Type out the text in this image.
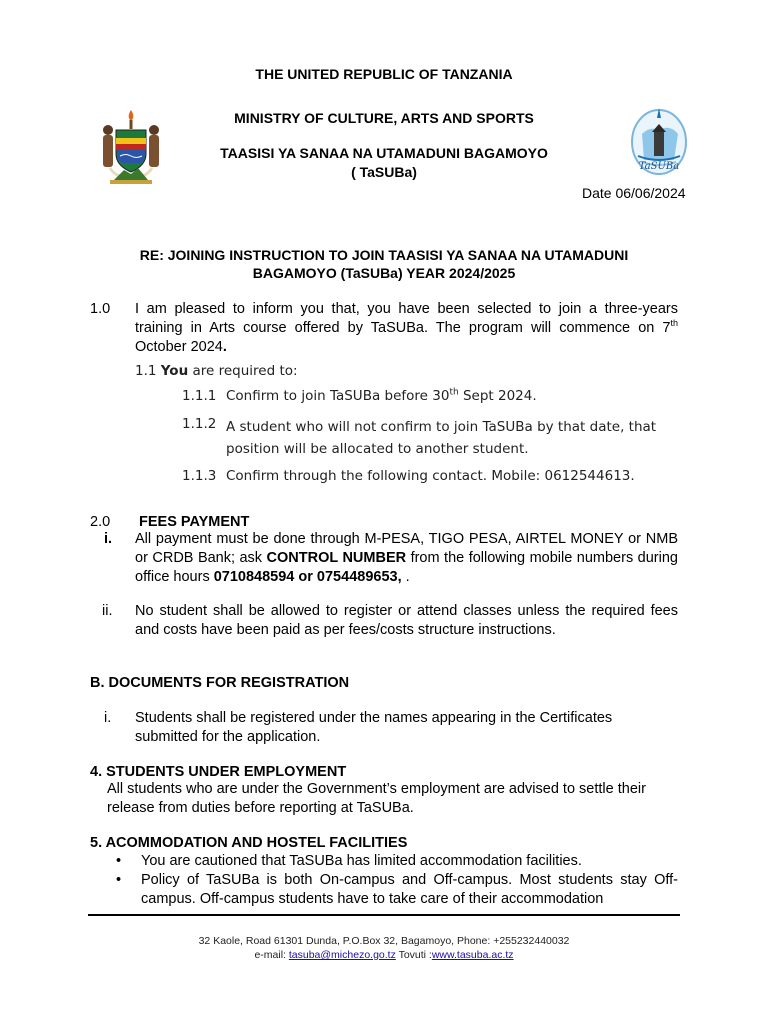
TaSUBa
THE UNITED REPUBLIC OF TANZANIA
MINISTRY OF CULTURE, ARTS AND SPORTS
TAASISI YA SANAA NA UTAMADUNI BAGAMOYO
( TaSUBa)
Date 06/06/2024
RE: JOINING INSTRUCTION TO JOIN TAASISI YA SANAA NA UTAMADUNI
BAGAMOYO (TaSUBa) YEAR 2024/2025
1.0 I am pleased to inform you that, you have been selected to join a three-years training in Arts course offered by TaSUBa. The program will commence on 7th October 2024.
1.1 You are required to:
1.1.1 Confirm to join TaSUBa before 30th Sept 2024.
1.1.2 A student who will not confirm to join TaSUBa by that date, that position will be allocated to another student.
1.1.3 Confirm through the following contact. Mobile: 0612544613.
2.0 FEES PAYMENT
i. All payment must be done through M-PESA, TIGO PESA, AIRTEL MONEY or NMB or CRDB Bank; ask CONTROL NUMBER from the following mobile numbers during office hours 0710848594 or 0754489653, .
ii. No student shall be allowed to register or attend classes unless the required fees and costs have been paid as per fees/costs structure instructions.
B. DOCUMENTS FOR REGISTRATION
i. Students shall be registered under the names appearing in the Certificates submitted for the application.
4. STUDENTS UNDER EMPLOYMENT
All students who are under the Government’s employment are advised to settle their release from duties before reporting at TaSUBa.
5. ACOMMODATION AND HOSTEL FACILITIES
• You are cautioned that TaSUBa has limited accommodation facilities.
• Policy of TaSUBa is both On-campus and Off-campus. Most students stay Off-campus. Off-campus students have to take care of their accommodation
32 Kaole, Road 61301 Dunda, P.O.Box 32, Bagamoyo, Phone: +255232440032
e-mail: tasuba@michezo.go.tz Tovuti :www.tasuba.ac.tz
